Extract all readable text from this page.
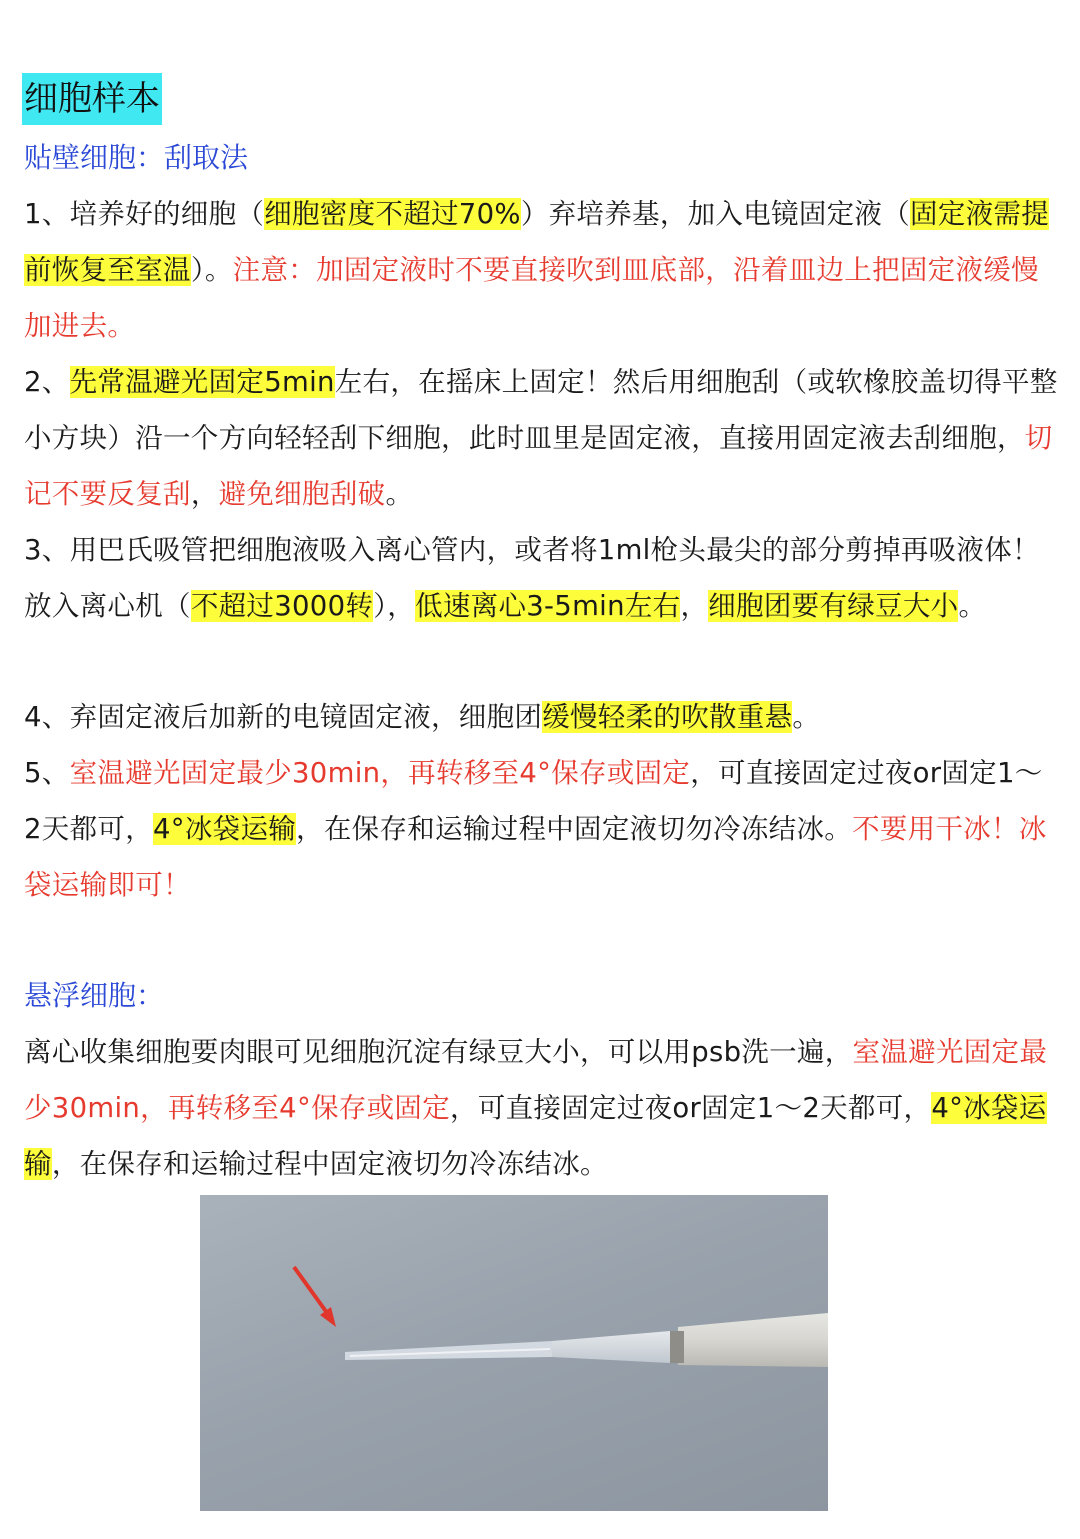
细胞样本
贴壁细胞：刮取法
1、培养好的细胞（细胞密度不超过70%）弃培养基，加入电镜固定液（固定液需提前恢复至室温）。注意：加固定液时不要直接吹到皿底部，沿着皿边上把固定液缓慢加进去。
2、先常温避光固定5min左右，在摇床上固定！然后用细胞刮（或软橡胶盖切得平整小方块）沿一个方向轻轻刮下细胞，此时皿里是固定液，直接用固定液去刮细胞，切记不要反复刮，避免细胞刮破。
3、用巴氏吸管把细胞液吸入离心管内，或者将1ml枪头最尖的部分剪掉再吸液体！放入离心机（不超过3000转），低速离心3-5min左右，细胞团要有绿豆大小。
4、弃固定液后加新的电镜固定液，细胞团缓慢轻柔的吹散重悬。
5、室温避光固定最少30min，再转移至4°保存或固定，可直接固定过夜or固定1～2天都可，4°冰袋运输，在保存和运输过程中固定液切勿冷冻结冰。不要用干冰！冰袋运输即可！
悬浮细胞：
离心收集细胞要肉眼可见细胞沉淀有绿豆大小，可以用psb洗一遍，室温避光固定最少30min，再转移至4°保存或固定，可直接固定过夜or固定1～2天都可，4°冰袋运输，在保存和运输过程中固定液切勿冷冻结冰。
